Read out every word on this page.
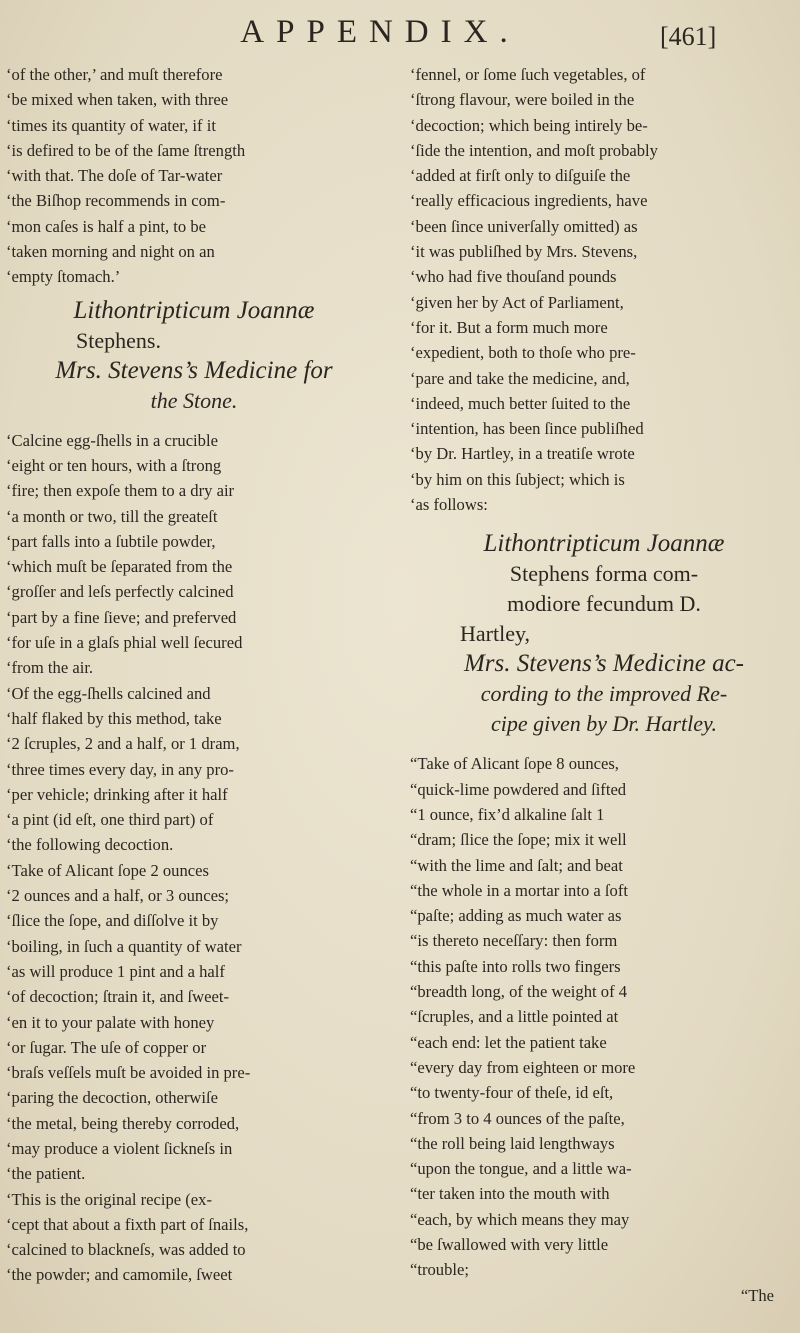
APPENDIX.	[461]
‘of the other,’ and muſt therefore
‘be mixed when taken, with three
‘times its quantity of water, if it
‘is defired to be of the ſame ſtrength
‘with that. The doſe of Tar-water
‘the Biſhop recommends in com-
‘mon caſes is half a pint, to be
‘taken morning and night on an
‘empty ſtomach.’
Lithontripticum Joannæ
Stephens.
Mrs. Stevens’s Medicine for
the Stone.
‘Calcine egg-ſhells in a crucible
‘eight or ten hours, with a ſtrong
‘fire; then expoſe them to a dry air
‘a month or two, till the greateſt
‘part falls into a ſubtile powder,
‘which muſt be ſeparated from the
‘groſſer and leſs perfectly calcined
‘part by a fine ſieve; and preferved
‘for uſe in a glaſs phial well ſecured
‘from the air.
‘Of the egg-ſhells calcined and
‘half flaked by this method, take
‘2 ſcruples, 2 and a half, or 1 dram,
‘three times every day, in any pro-
‘per vehicle; drinking after it half
‘a pint (id eſt, one third part) of
‘the following decoction.
‘Take of Alicant ſope 2 ounces
‘2 ounces and a half, or 3 ounces;
‘ſlice the ſope, and diſſolve it by
‘boiling, in ſuch a quantity of water
‘as will produce 1 pint and a half
‘of decoction; ſtrain it, and ſweet-
‘en it to your palate with honey
‘or ſugar. The uſe of copper or
‘braſs veſſels muſt be avoided in pre-
‘paring the decoction, otherwiſe
‘the metal, being thereby corroded,
‘may produce a violent ſickneſs in
‘the patient.
‘This is the original recipe (ex-
‘cept that about a fixth part of ſnails,
‘calcined to blackneſs, was added to
‘the powder; and camomile, ſweet
‘fennel, or ſome ſuch vegetables, of
‘ſtrong flavour, were boiled in the
‘decoction; which being intirely be-
‘ſide the intention, and moſt probably
‘added at firſt only to diſguiſe the
‘really efficacious ingredients, have
‘been ſince univerſally omitted) as
‘it was publiſhed by Mrs. Stevens,
‘who had five thouſand pounds
‘given her by Act of Parliament,
‘for it. But a form much more
‘expedient, both to thoſe who pre-
‘pare and take the medicine, and,
‘indeed, much better ſuited to the
‘intention, has been ſince publiſhed
‘by Dr. Hartley, in a treatiſe wrote
‘by him on this ſubject; which is
‘as follows:
Lithontripticum Joannæ
Stephens forma com-
modiore fecundum D.
Hartley,
Mrs. Stevens’s Medicine ac-
cording to the improved Re-
cipe given by Dr. Hartley.
“Take of Alicant ſope 8 ounces,
“quick-lime powdered and ſifted
“1 ounce, fix’d alkaline ſalt 1
“dram; ſlice the ſope; mix it well
“with the lime and ſalt; and beat
“the whole in a mortar into a ſoft
“paſte; adding as much water as
“is thereto neceſſary: then form
“this paſte into rolls two fingers
“breadth long, of the weight of 4
“ſcruples, and a little pointed at
“each end: let the patient take
“every day from eighteen or more
“to twenty-four of theſe, id eſt,
“from 3 to 4 ounces of the paſte,
“the roll being laid lengthways
“upon the tongue, and a little wa-
“ter taken into the mouth with
“each, by which means they may
“be ſwallowed with very little
“trouble;
“The
